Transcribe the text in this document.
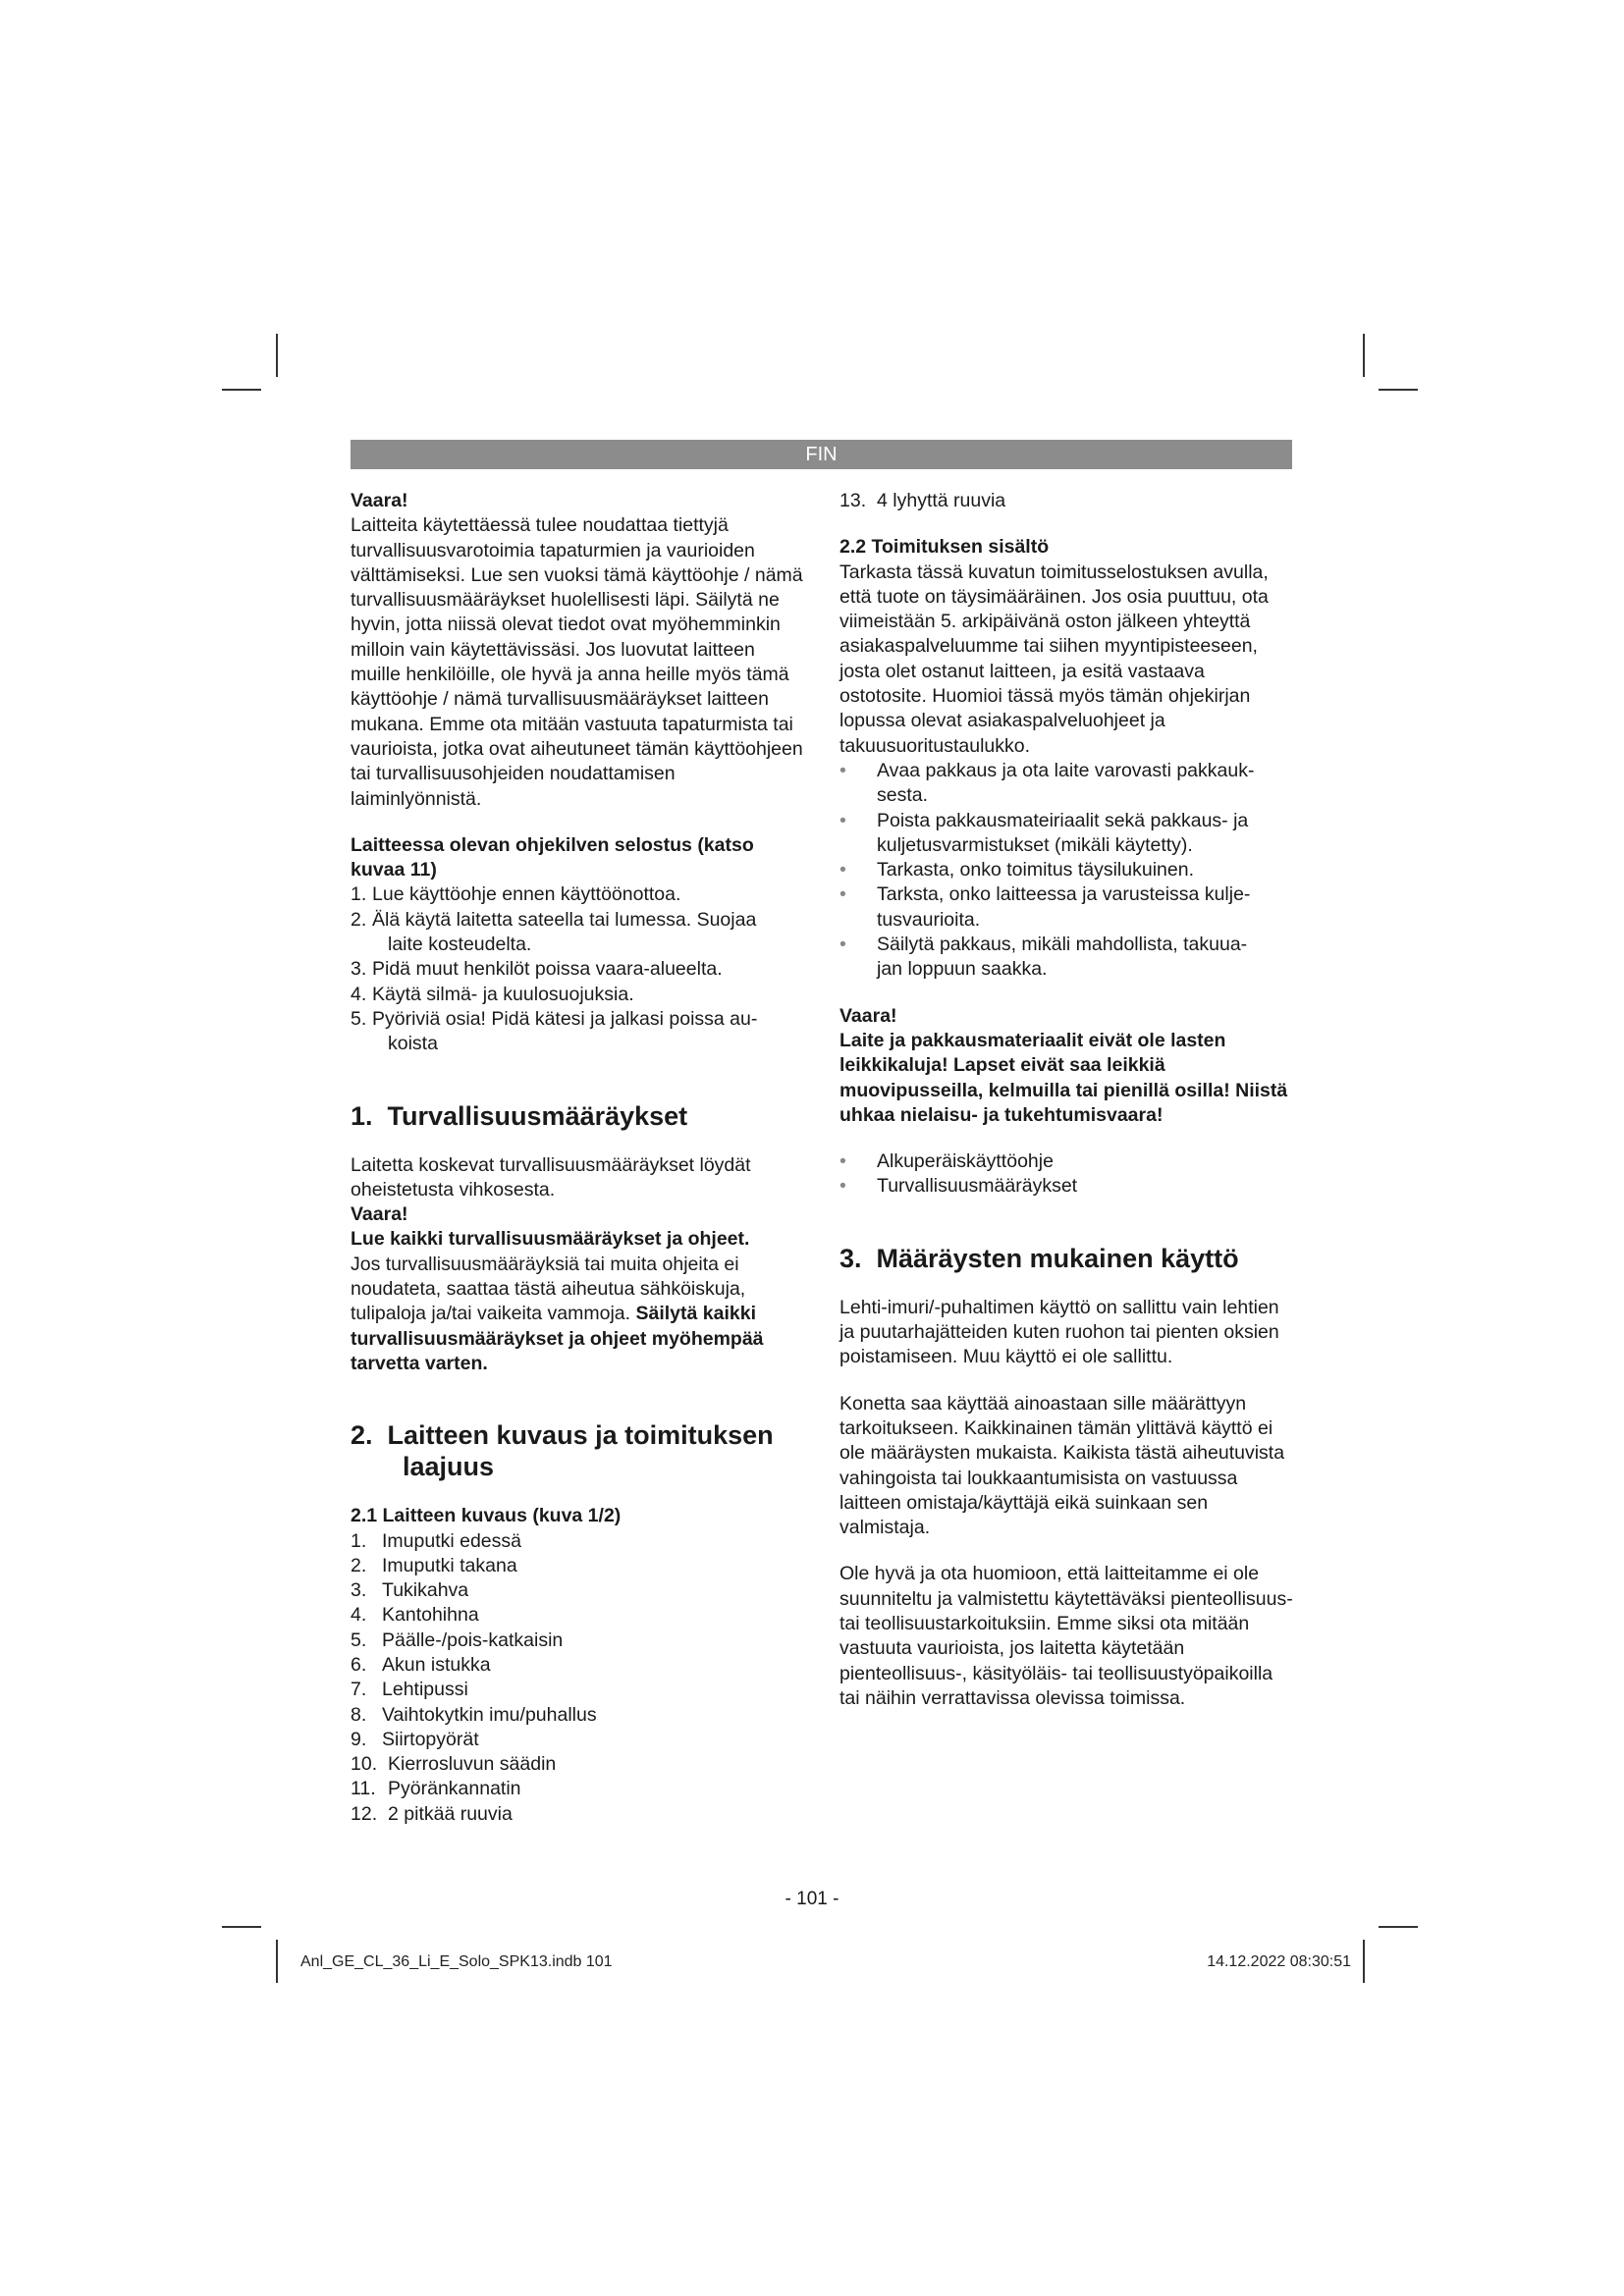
FIN

Vaara!

Laitteita käytettäessä tulee noudattaa tiettyjä turvallisuusvarotoimia tapaturmien ja vaurioiden välttämiseksi. Lue sen vuoksi tämä käyttöohje / nämä turvallisuusmääräykset huolellisesti läpi. Säilytä ne hyvin, jotta niissä olevat tiedot ovat myöhemminkin milloin vain käytettävissäsi. Jos luovutat laitteen muille henkilöille, ole hyvä ja anna heille myös tämä käyttöohje / nämä turvallisuusmääräykset laitteen mukana. Emme ota mitään vastuuta tapaturmista tai vaurioista, jotka ovat aiheutuneet tämän käyttöohjeen tai turvallisuusohjeiden noudattamisen laiminlyönnistä.

Laitteessa olevan ohjekilven selostus (katso kuvaa 11)

1. Lue käyttöohje ennen käyttöönottoa.
2. Älä käytä laitetta sateella tai lumessa. Suojaa
laite kosteudelta.
3. Pidä muut henkilöt poissa vaara-alueelta.
4. Käytä silmä- ja kuulosuojuksia.
5. Pyöriviä osia! Pidä kätesi ja jalkasi poissa au-
koista
1. Turvallisuusmääräykset

Laitetta koskevat turvallisuusmääräykset löydät oheistetusta vihkosesta.

Vaara!

Lue kaikki turvallisuusmääräykset ja ohjeet.

Jos turvallisuusmääräyksiä tai muita ohjeita ei noudateta, saattaa tästä aiheutua sähköiskuja, tulipaloja ja/tai vaikeita vammoja. Säilytä kaikki turvallisuusmääräykset ja ohjeet myöhempää tarvetta varten.

2. Laitteen kuvaus ja toimituksen
laajuus

2.1 Laitteen kuvaus (kuva 1/2)

1. Imuputki edessä
2. Imuputki takana
3. Tukikahva
4. Kantohihna
5. Päälle-/pois-katkaisin
6. Akun istukka
7. Lehtipussi
8. Vaihtokytkin imu/puhallus
9. Siirtopyörät
10. Kierrosluvun säädin
11. Pyöränkannatin
12. 2 pitkää ruuvia
13. 4 lyhyttä ruuvia

2.2 Toimituksen sisältö

Tarkasta tässä kuvatun toimitusselostuksen avulla, että tuote on täysimääräinen. Jos osia puuttuu, ota viimeistään 5. arkipäivänä oston jälkeen yhteyttä asiakaspalveluumme tai siihen myyntipisteeseen, josta olet ostanut laitteen, ja esitä vastaava ostotosite. Huomioi tässä myös tämän ohjekirjan lopussa olevat asiakaspalveluohjeet ja takuusuoritustaulukko.

•	Avaa pakkaus ja ota laite varovasti pakkauk-
sesta.
•	Poista pakkausmateiriaalit sekä pakkaus- ja
kuljetusvarmistukset (mikäli käytetty).
•	Tarkasta, onko toimitus täysilukuinen.
•	Tarksta, onko laitteessa ja varusteissa kulje-
tusvaurioita.
•	Säilytä pakkaus, mikäli mahdollista, takuua-
jan loppuun saakka.

Vaara!

Laite ja pakkausmateriaalit eivät ole lasten leikkikaluja! Lapset eivät saa leikkiä muovipusseilla, kelmuilla tai pienillä osilla! Niistä uhkaa nielaisu- ja tukehtumisvaara!

•	Alkuperäiskäyttöohje
•	Turvallisuusmääräykset
3. Määräysten mukainen käyttö

Lehti-imuri/-puhaltimen käyttö on sallittu vain lehtien ja puutarhajätteiden kuten ruohon tai pienten oksien poistamiseen. Muu käyttö ei ole sallittu.

Konetta saa käyttää ainoastaan sille määrättyyn tarkoitukseen. Kaikkinainen tämän ylittävä käyttö ei ole määräysten mukaista. Kaikista tästä aiheutuvista vahingoista tai loukkaantumisista on vastuussa laitteen omistaja/käyttäjä eikä suinkaan sen valmistaja.

Ole hyvä ja ota huomioon, että laitteitamme ei ole suunniteltu ja valmistettu käytettäväksi pienteollisuus- tai teollisuustarkoituksiin. Emme siksi ota mitään vastuuta vaurioista, jos laitetta käytetään pienteollisuus-, käsityöläis- tai teollisuustyöpaikoilla tai näihin verrattavissa olevissa toimissa.

- 101 -
Anl_GE_CL_36_Li_E_Solo_SPK13.indb 101	14.12.2022 08:30:51
